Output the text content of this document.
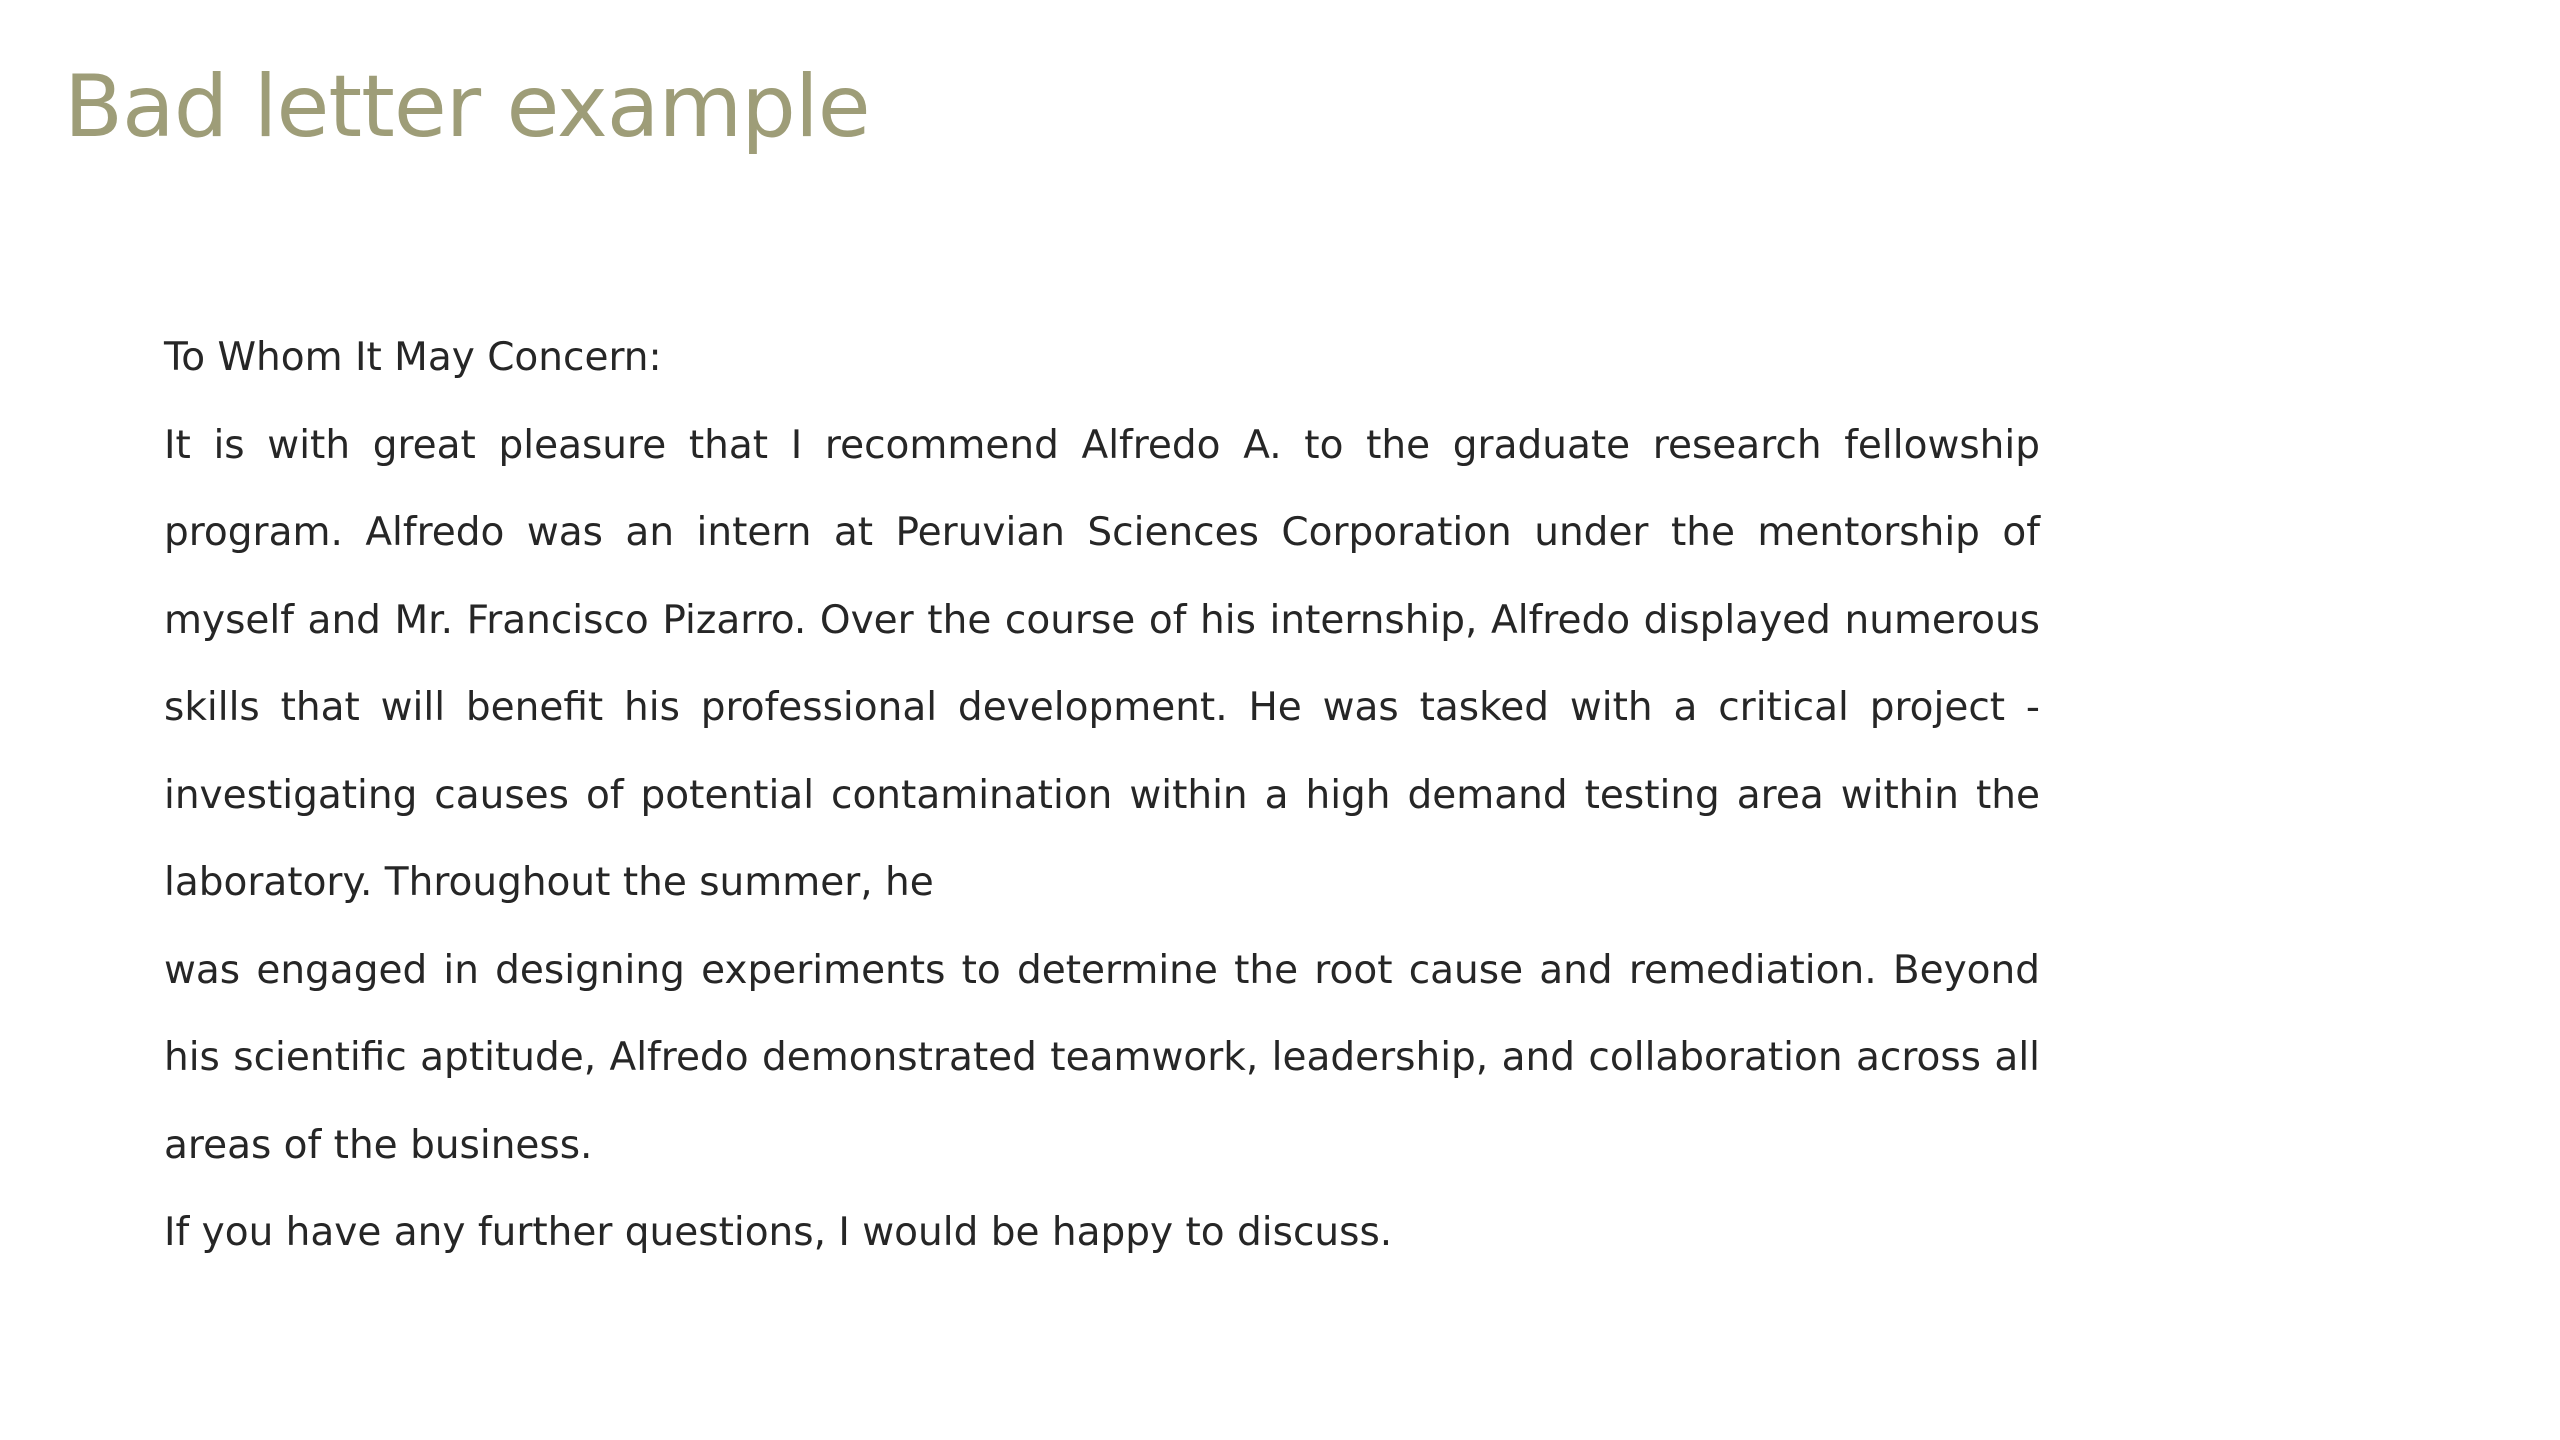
Bad letter example

To Whom It May Concern:

It is with great pleasure that I recommend Alfredo A. to the graduate research fellowship program. Alfredo was an intern at Peruvian Sciences Corporation under the mentorship of myself and Mr. Francisco Pizarro. Over the course of his internship, Alfredo displayed numerous skills that will benefit his professional development. He was tasked with a critical project - investigating causes of potential contamination within a high demand testing area within the laboratory. Throughout the summer, he

was engaged in designing experiments to determine the root cause and remediation. Beyond his scientific aptitude, Alfredo demonstrated teamwork, leadership, and collaboration across all areas of the business.

If you have any further questions, I would be happy to discuss.
